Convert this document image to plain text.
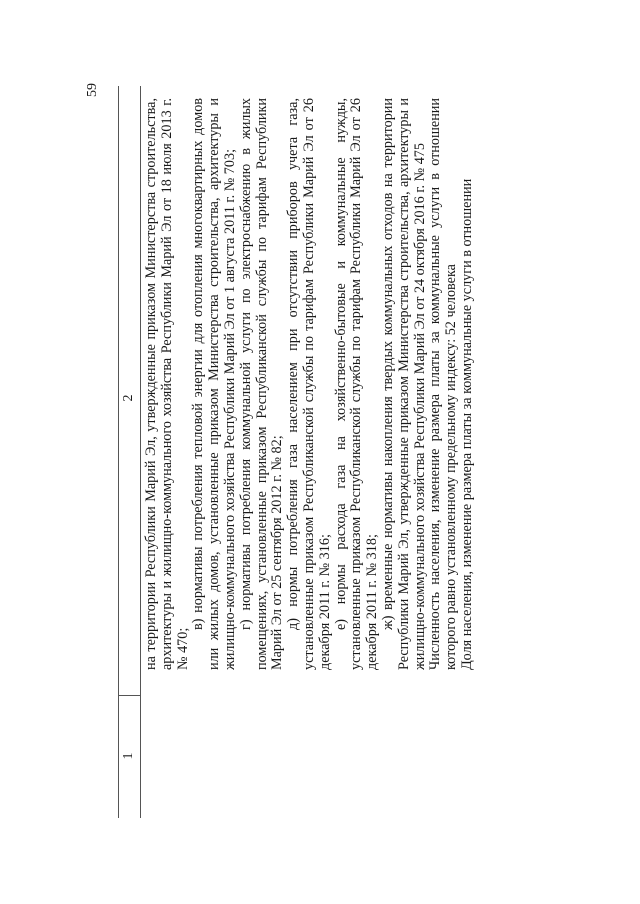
59
1
2 на территории Республики Марий Эл, утвержденные приказом Министерства строительства, архитектуры и жилищно-коммунального хозяйства Республики Марий Эл от 18 июля 2013 г. № 470;

в) нормативы потребления тепловой энергии для отопления многоквартирных домов или жилых домов, установленные приказом Министерства строительства, архитектуры и жилищно-коммунального хозяйства Республики Марий Эл от 1 августа 2011 г. № 703; г) нормативы потребления коммунальной услуги по электроснабжению в жилых помещениях, установленные приказом Республиканской службы по тарифам Республики Марий Эл от 25 сентября 2012 г. № 82; д) нормы потребления газа населением при отсутствии приборов учета газа, установленные приказом Республиканской службы по тарифам Республики Марий Эл от 26 декабря 2011 г. № 316; е) нормы расхода газа на хозяйственно-бытовые и коммунальные нужды, установленные приказом Республиканской службы по тарифам Республики Марий Эл от 26 декабря 2011 г. № 318; ж) временные нормативы накопления твердых коммунальных отходов на территории Республики Марий Эл, утвержденные приказом Министерства строительства, архитектуры и жилищно-коммунального хозяйства Республики Марий Эл от 24 октября 2016 г. № 475 Численность населения, изменение размера платы за коммунальные услуги в отношении которого равно установленному предельному индексу: 52 человека Доля населения, изменение размера платы за коммунальные услуги в отношении
